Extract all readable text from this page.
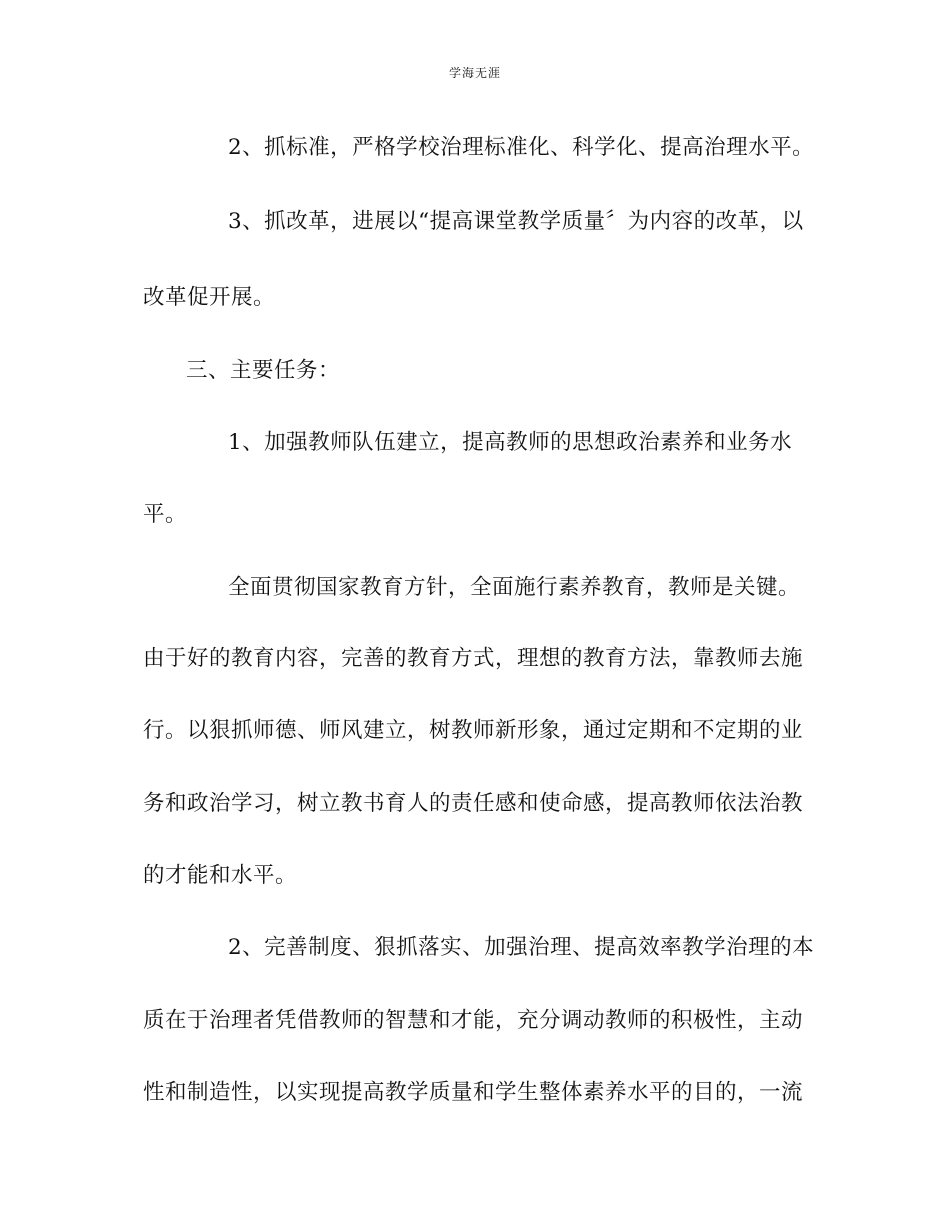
学海无涯
2、抓标准，严格学校治理标准化、科学化、提高治理水平。
3、抓改革，进展以“提高课堂教学质量〞为内容的改革，以
改革促开展。
三、主要任务：
1、加强教师队伍建立，提高教师的思想政治素养和业务水
平。
全面贯彻国家教育方针，全面施行素养教育，教师是关键。
由于好的教育内容，完善的教育方式，理想的教育方法，靠教师去施
行。以狠抓师德、师风建立，树教师新形象，通过定期和不定期的业
务和政治学习，树立教书育人的责任感和使命感，提高教师依法治教
的才能和水平。
2、完善制度、狠抓落实、加强治理、提高效率教学治理的本
质在于治理者凭借教师的智慧和才能，充分调动教师的积极性，主动
性和制造性，以实现提高教学质量和学生整体素养水平的目的，一流
